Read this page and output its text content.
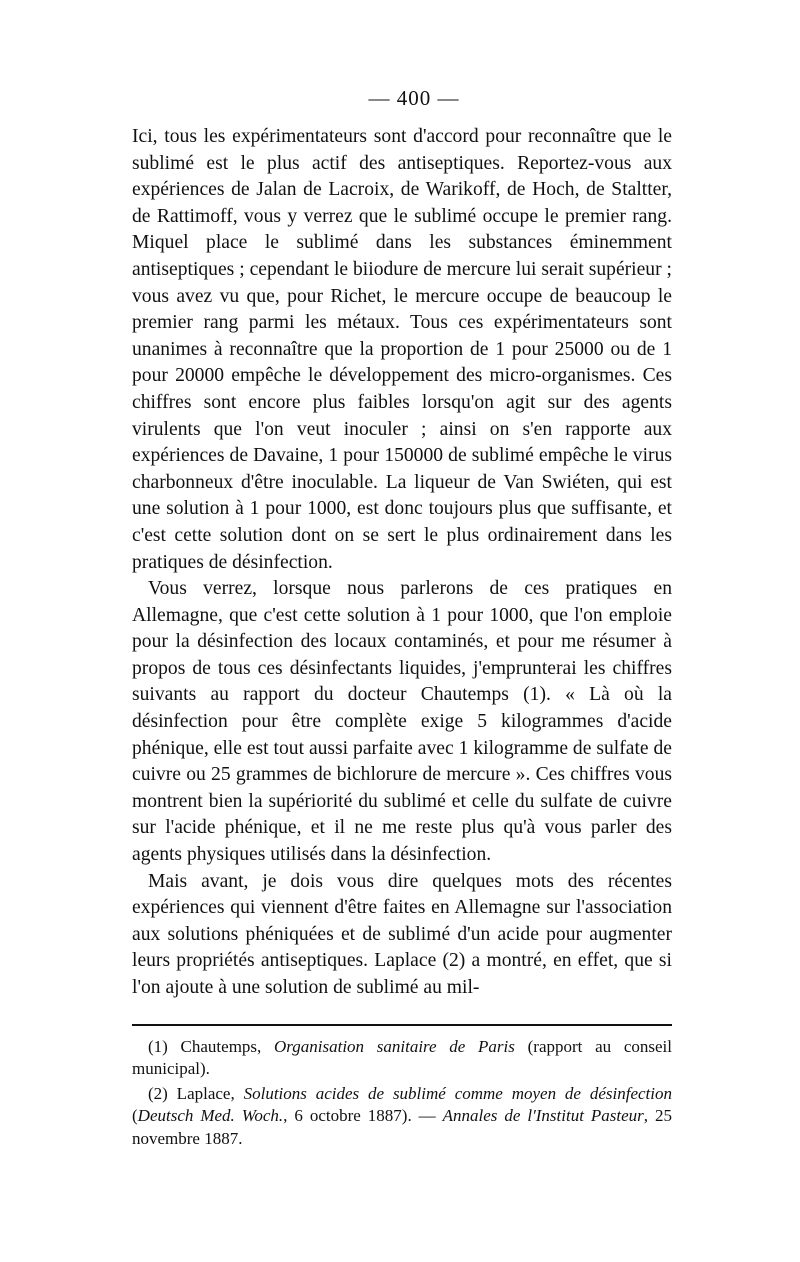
— 400 —

Ici, tous les expérimentateurs sont d'accord pour reconnaître que le sublimé est le plus actif des antiseptiques. Reportez-vous aux expériences de Jalan de Lacroix, de Warikoff, de Hoch, de Staltter, de Rattimoff, vous y verrez que le sublimé occupe le premier rang. Miquel place le sublimé dans les substances éminemment antiseptiques ; cependant le biiodure de mercure lui serait supérieur ; vous avez vu que, pour Richet, le mercure occupe de beaucoup le premier rang parmi les métaux. Tous ces expérimentateurs sont unanimes à reconnaître que la proportion de 1 pour 25000 ou de 1 pour 20000 empêche le développement des micro-organismes. Ces chiffres sont encore plus faibles lorsqu'on agit sur des agents virulents que l'on veut inoculer ; ainsi on s'en rapporte aux expériences de Davaine, 1 pour 150000 de sublimé empêche le virus charbonneux d'être inoculable. La liqueur de Van Swiéten, qui est une solution à 1 pour 1000, est donc toujours plus que suffisante, et c'est cette solution dont on se sert le plus ordinairement dans les pratiques de désinfection.

Vous verrez, lorsque nous parlerons de ces pratiques en Allemagne, que c'est cette solution à 1 pour 1000, que l'on emploie pour la désinfection des locaux contaminés, et pour me résumer à propos de tous ces désinfectants liquides, j'emprunterai les chiffres suivants au rapport du docteur Chautemps (1). « Là où la désinfection pour être complète exige 5 kilogrammes d'acide phénique, elle est tout aussi parfaite avec 1 kilogramme de sulfate de cuivre ou 25 grammes de bichlorure de mercure ». Ces chiffres vous montrent bien la supériorité du sublimé et celle du sulfate de cuivre sur l'acide phénique, et il ne me reste plus qu'à vous parler des agents physiques utilisés dans la désinfection.

Mais avant, je dois vous dire quelques mots des récentes expériences qui viennent d'être faites en Allemagne sur l'association aux solutions phéniquées et de sublimé d'un acide pour augmenter leurs propriétés antiseptiques. Laplace (2) a montré, en effet, que si l'on ajoute à une solution de sublimé au mil-

(1) Chautemps, Organisation sanitaire de Paris (rapport au conseil municipal).

(2) Laplace, Solutions acides de sublimé comme moyen de désinfection (Deutsch Med. Woch., 6 octobre 1887). — Annales de l'Institut Pasteur, 25 novembre 1887.
